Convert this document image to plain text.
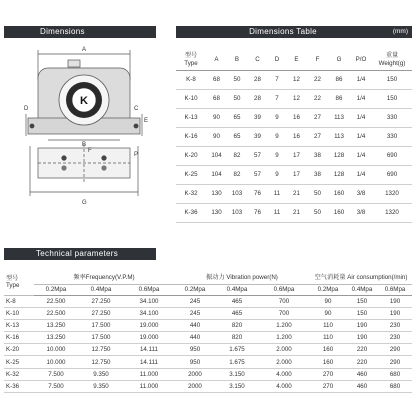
Dimensions	Dimensions Table	(mm)
Technical parameters
K
A
B
C
D
E
F
G
P
型号
Type	A	B	C	D	E	F	G	P/O	重量
Weight(g)
K-8	68	50	28	7	12	22	86	1/4	150
K-10	68	50	28	7	12	22	86	1/4	150
K-13	90	65	39	9	16	27	113	1/4	330
K-16	90	65	39	9	16	27	113	1/4	330
K-20	104	82	57	9	17	38	128	1/4	690
K-25	104	82	57	9	17	38	128	1/4	690
K-32	130	103	76	11	21	50	160	3/8	1320
K-36	130	103	76	11	21	50	160	3/8	1320
型号
Type	频率Frequency(V.P.M)			振动力 Vibration power(N)			空气消耗量 Air consumption(/min)		
	0.2Mpa	0.4Mpa	0.6Mpa	0.2Mpa	0.4Mpa	0.6Mpa	0.2Mpa	0.4Mpa	0.6Mpa
K-8	22.500	27.250	34.100	245	465	700	90	150	190
K-10	22.500	27.250	34.100	245	465	700	90	150	190
K-13	13.250	17.500	19.000	440	820	1.200	110	190	230
K-16	13.250	17.500	19.000	440	820	1.200	110	190	230
K-20	10.000	12.750	14.111	950	1.675	2.000	160	220	290
K-25	10.000	12.750	14.111	950	1.675	2.000	160	220	290
K-32	7.500	9.350	11.000	2000	3.150	4.000	270	460	680
K-36	7.500	9.350	11.000	2000	3.150	4.000	270	460	680
